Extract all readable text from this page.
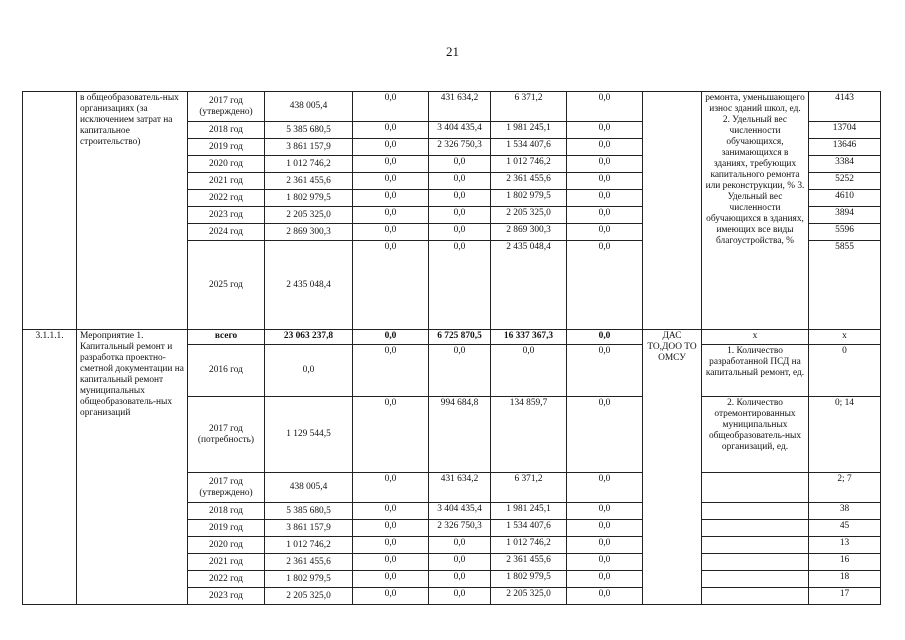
21
	в общеобразователь-ных организациях (за исключением затрат на капитальное строительство)	2017 год (утверждено)	438 005,4	0,0	431 634,2	6 371,2	0,0		ремонта, уменьшающего износ зданий школ, ед. 2. Удельный вес численности обучающихся, занимающихся в зданиях, требующих капитального ремонта или реконструкции, % 3. Удельный вес численности обучающихся в зданиях, имеющих все виды благоустройства, %	4143
		2018 год	5 385 680,5	0,0	3 404 435,4	1 981 245,1	0,0			13704
		2019 год	3 861 157,9	0,0	2 326 750,3	1 534 407,6	0,0			13646
		2020 год	1 012 746,2	0,0	0,0	1 012 746,2	0,0			3384
		2021 год	2 361 455,6	0,0	0,0	2 361 455,6	0,0			5252
		2022 год	1 802 979,5	0,0	0,0	1 802 979,5	0,0			4610
		2023 год	2 205 325,0	0,0	0,0	2 205 325,0	0,0			3894
		2024 год	2 869 300,3	0,0	0,0	2 869 300,3	0,0			5596
		2025 год	2 435 048,4	0,0	0,0	2 435 048,4	0,0			5855
3.1.1.1.	Мероприятие 1. Капитальный ремонт и разработка проектно-сметной документации на капитальный ремонт муниципальных общеобразователь-ных организаций	всего	23 063 237,8	0,0	6 725 870,5	16 337 367,3	0,0	ДАС ТО,ДОО ТО ОМСУ	x	x
		2016 год	0,0	0,0	0,0	0,0	0,0		1. Количество разработанной ПСД на капитальный ремонт, ед.	0
		2017 год (потребность)	1 129 544,5	0,0	994 684,8	134 859,7	0,0		2. Количество отремонтированных муниципальных общеобразователь-ных организаций, ед.	0; 14
		2017 год (утверждено)	438 005,4	0,0	431 634,2	6 371,2	0,0			2; 7
		2018 год	5 385 680,5	0,0	3 404 435,4	1 981 245,1	0,0			38
		2019 год	3 861 157,9	0,0	2 326 750,3	1 534 407,6	0,0			45
		2020 год	1 012 746,2	0,0	0,0	1 012 746,2	0,0			13
		2021 год	2 361 455,6	0,0	0,0	2 361 455,6	0,0			16
		2022 год	1 802 979,5	0,0	0,0	1 802 979,5	0,0			18
		2023 год	2 205 325,0	0,0	0,0	2 205 325,0	0,0			17
